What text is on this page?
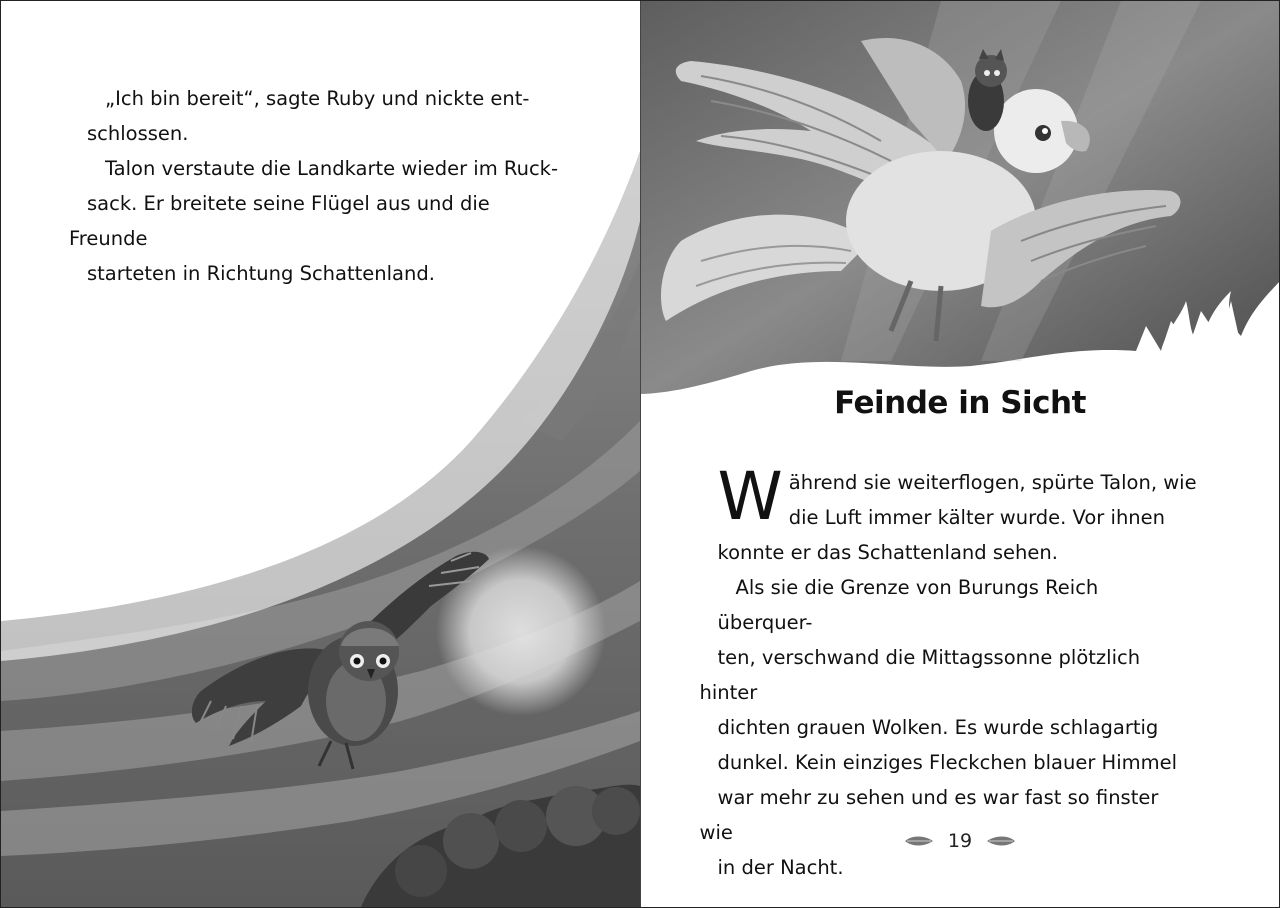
„Ich bin bereit“, sagte Ruby und nickte ent-
schlossen.

Talon verstaute die Landkarte wieder im Ruck-
sack. Er breitete seine Flügel aus und die Freunde
starteten in Richtung Schattenland.

Feinde in Sicht

W ährend sie weiterflogen, spürte Talon, wie
die Luft immer kälter wurde. Vor ihnen
konnte er das Schattenland sehen.

Als sie die Grenze von Burungs Reich überquer-
ten, verschwand die Mittagssonne plötzlich hinter
dichten grauen Wolken. Es wurde schlagartig
dunkel. Kein einziges Fleckchen blauer Himmel
war mehr zu sehen und es war fast so finster wie
in der Nacht.

19
